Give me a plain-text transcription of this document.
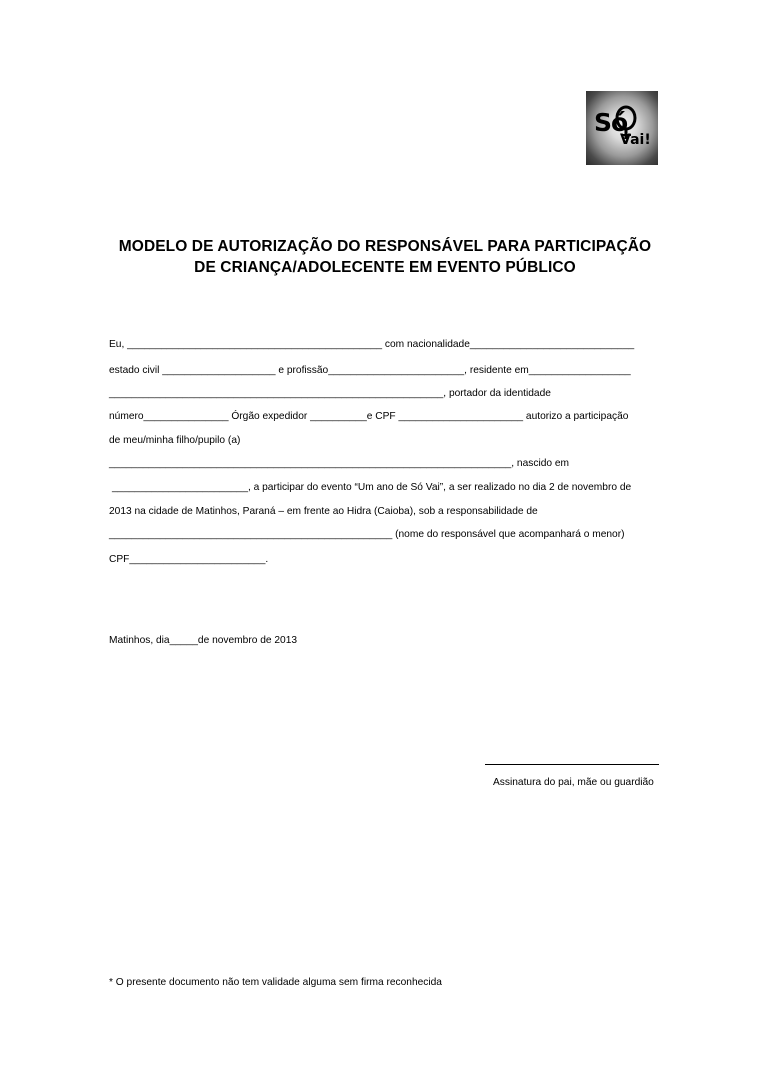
Só
Vai!
MODELO DE AUTORIZAÇÃO DO RESPONSÁVEL PARA PARTICIPAÇÃO
DE CRIANÇA/ADOLECENTE EM EVENTO PÚBLICO
Eu, _____________________________________________ com nacionalidade_____________________________
estado civil ____________________ e profissão________________________, residente em__________________
___________________________________________________________, portador da identidade
número_______________ Órgão expedidor __________e CPF ______________________ autorizo a participação
de meu/minha filho/pupilo (a)
_______________________________________________________________________, nascido em
________________________, a participar do evento “Um ano de Só Vai”, a ser realizado no dia 2 de novembro de
2013 na cidade de Matinhos, Paraná – em frente ao Hidra (Caioba), sob a responsabilidade de
__________________________________________________ (nome do responsável que acompanhará o menor)
CPF________________________.
Matinhos, dia_____de novembro de 2013
Assinatura do pai, mãe ou guardião
* O presente documento não tem validade alguma sem firma reconhecida
